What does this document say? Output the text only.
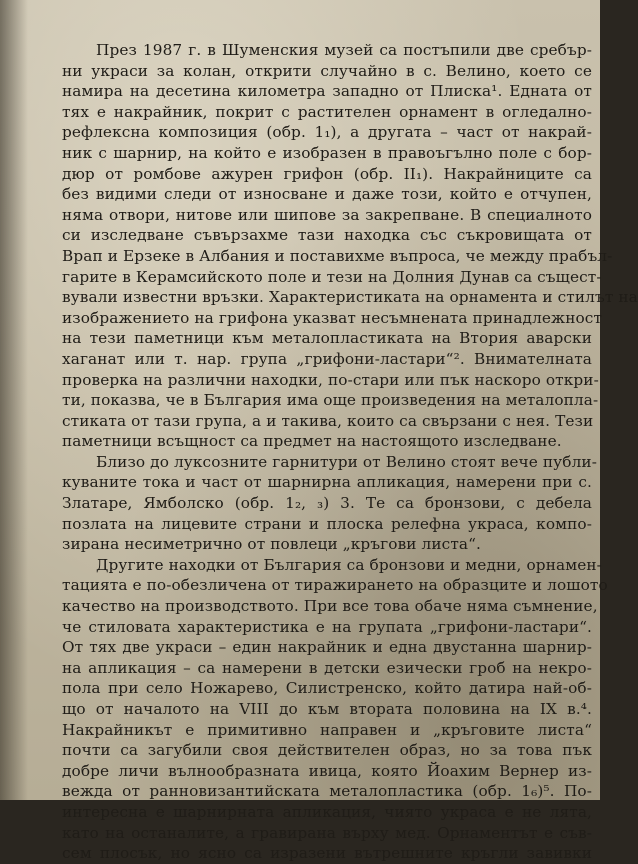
През 1987 г. в Шуменския музей са постъпили две сребър-
ни украси за колан, открити случайно в с. Велино, което се
намира на десетина километра западно от Плиска¹. Едната от
тях е накрайник, покрит с растителен орнамент в огледално-
рефлексна композиция (обр. 1₁), а другата – част от накрай-
ник с шарнир, на който е изобразен в правоъгълно поле с бор-
дюр от ромбове ажурен грифон (обр. II₁). Накрайниците са
без видими следи от износване и даже този, който е отчупен,
няма отвори, нитове или шипове за закрепване. В специалното
си изследване съвързахме тази находка със съкровищата от
Врап и Ерзеке в Албания и поставихме въпроса, че между прабъл-
гарите в Керамсийското поле и тези на Долния Дунав са същест-
вували известни връзки. Характеристиката на орнамента и стилът на
изображението на грифона указват несъмнената принадлежност
на тези паметници към металопластиката на Втория аварски
хаганат или т. нар. група „грифони-ластари“². Внимателната
проверка на различни находки, по-стари или пък наскоро откри-
ти, показва, че в България има още произведения на металопла-
стиката от тази група, а и такива, които са свързани с нея. Тези
паметници всъщност са предмет на настоящото изследване.
Близо до луксозните гарнитури от Велино стоят вече публи-
куваните тока и част от шарнирна апликация, намерени при с.
Златаре, Ямболско (обр. 1₂, ₃) 3. Те са бронзови, с дебела
позлата на лицевите страни и плоска релефна украса, компо-
зирана несиметрично от повлеци „кръгови листа“.
Другите находки от България са бронзови и медни, орнамен-
тацията е по-обезличена от тиражирането на образците и лошото
качество на производството. При все това обаче няма съмнение,
че стиловата характеристика е на групата „грифони-ластари“.
От тях две украси – един накрайник и една двустанна шарнир-
на апликация – са намерени в детски езически гроб на некро-
пола при село Ножарево, Силистренско, който датира най-об-
що от началото на VIII до към втората половина на IX в.⁴.
Накрайникът е примитивно направен и „кръговите листа“
почти са загубили своя действителен образ, но за това пък
добре личи вълнообразната ивица, която Йоахим Вернер из-
вежда от ранновизантийската металопластика (обр. 1₆)⁵. По-
интересна е шарнирната апликация, чиято украса е не лята,
като на останалите, а гравирана върху мед. Орнаментът е съв-
сем плосък, но ясно са изразени вътрешните кръгли завивки
